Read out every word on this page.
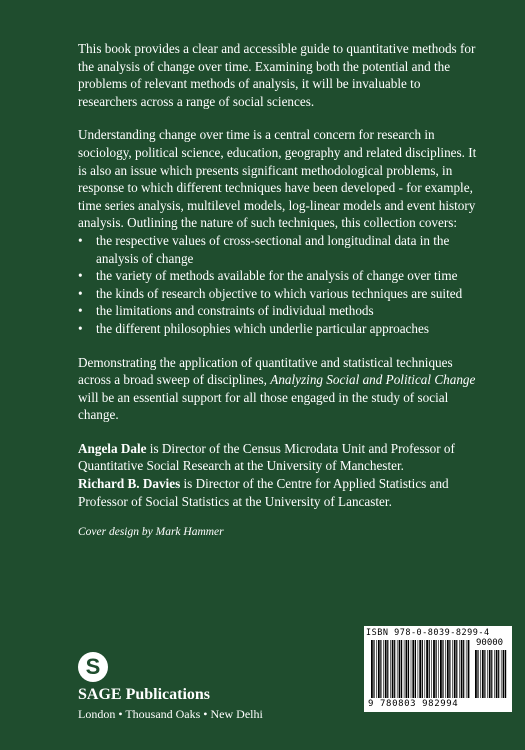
This book provides a clear and accessible guide to quantitative methods for the analysis of change over time. Examining both the potential and the problems of relevant methods of analysis, it will be invaluable to researchers across a range of social sciences.

Understanding change over time is a central concern for research in sociology, political science, education, geography and related disciplines. It is also an issue which presents significant methodological problems, in response to which different techniques have been developed - for example, time series analysis, multilevel models, log-linear models and event history analysis. Outlining the nature of such techniques, this collection covers:

• the respective values of cross-sectional and longitudinal data in the analysis of change
• the variety of methods available for the analysis of change over time
• the kinds of research objective to which various techniques are suited
• the limitations and constraints of individual methods
• the different philosophies which underlie particular approaches

Demonstrating the application of quantitative and statistical techniques across a broad sweep of disciplines, Analyzing Social and Political Change will be an essential support for all those engaged in the study of social change.

Angela Dale is Director of the Census Microdata Unit and Professor of Quantitative Social Research at the University of Manchester.

Richard B. Davies is Director of the Centre for Applied Statistics and Professor of Social Statistics at the University of Lancaster.

Cover design by Mark Hammer

S
SAGE Publications
London • Thousand Oaks • New Delhi
ISBN 978-0-8039-8299-4
90000
9 780803 982994
